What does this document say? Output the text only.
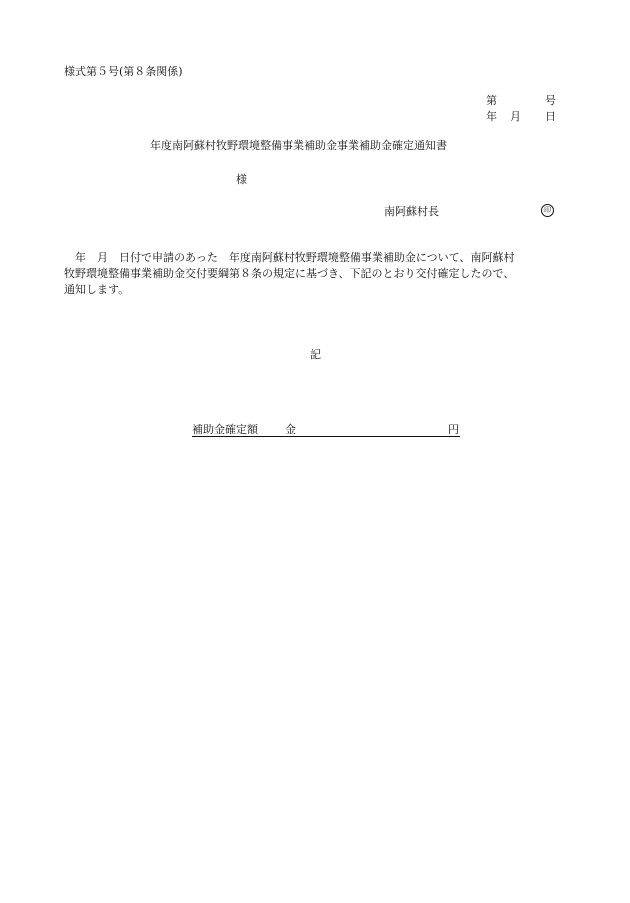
様式第５号(第８条関係)
第	号
年 月 日
年度南阿蘇村牧野環境整備事業補助金事業補助金確定通知書
様
南阿蘇村長	印
　年　月　日付で申請のあった　年度南阿蘇村牧野環境整備事業補助金について、南阿蘇村
牧野環境整備事業補助金交付要綱第８条の規定に基づき、下記のとおり交付確定したので、
通知します。
記
補助金確定額 金	円
